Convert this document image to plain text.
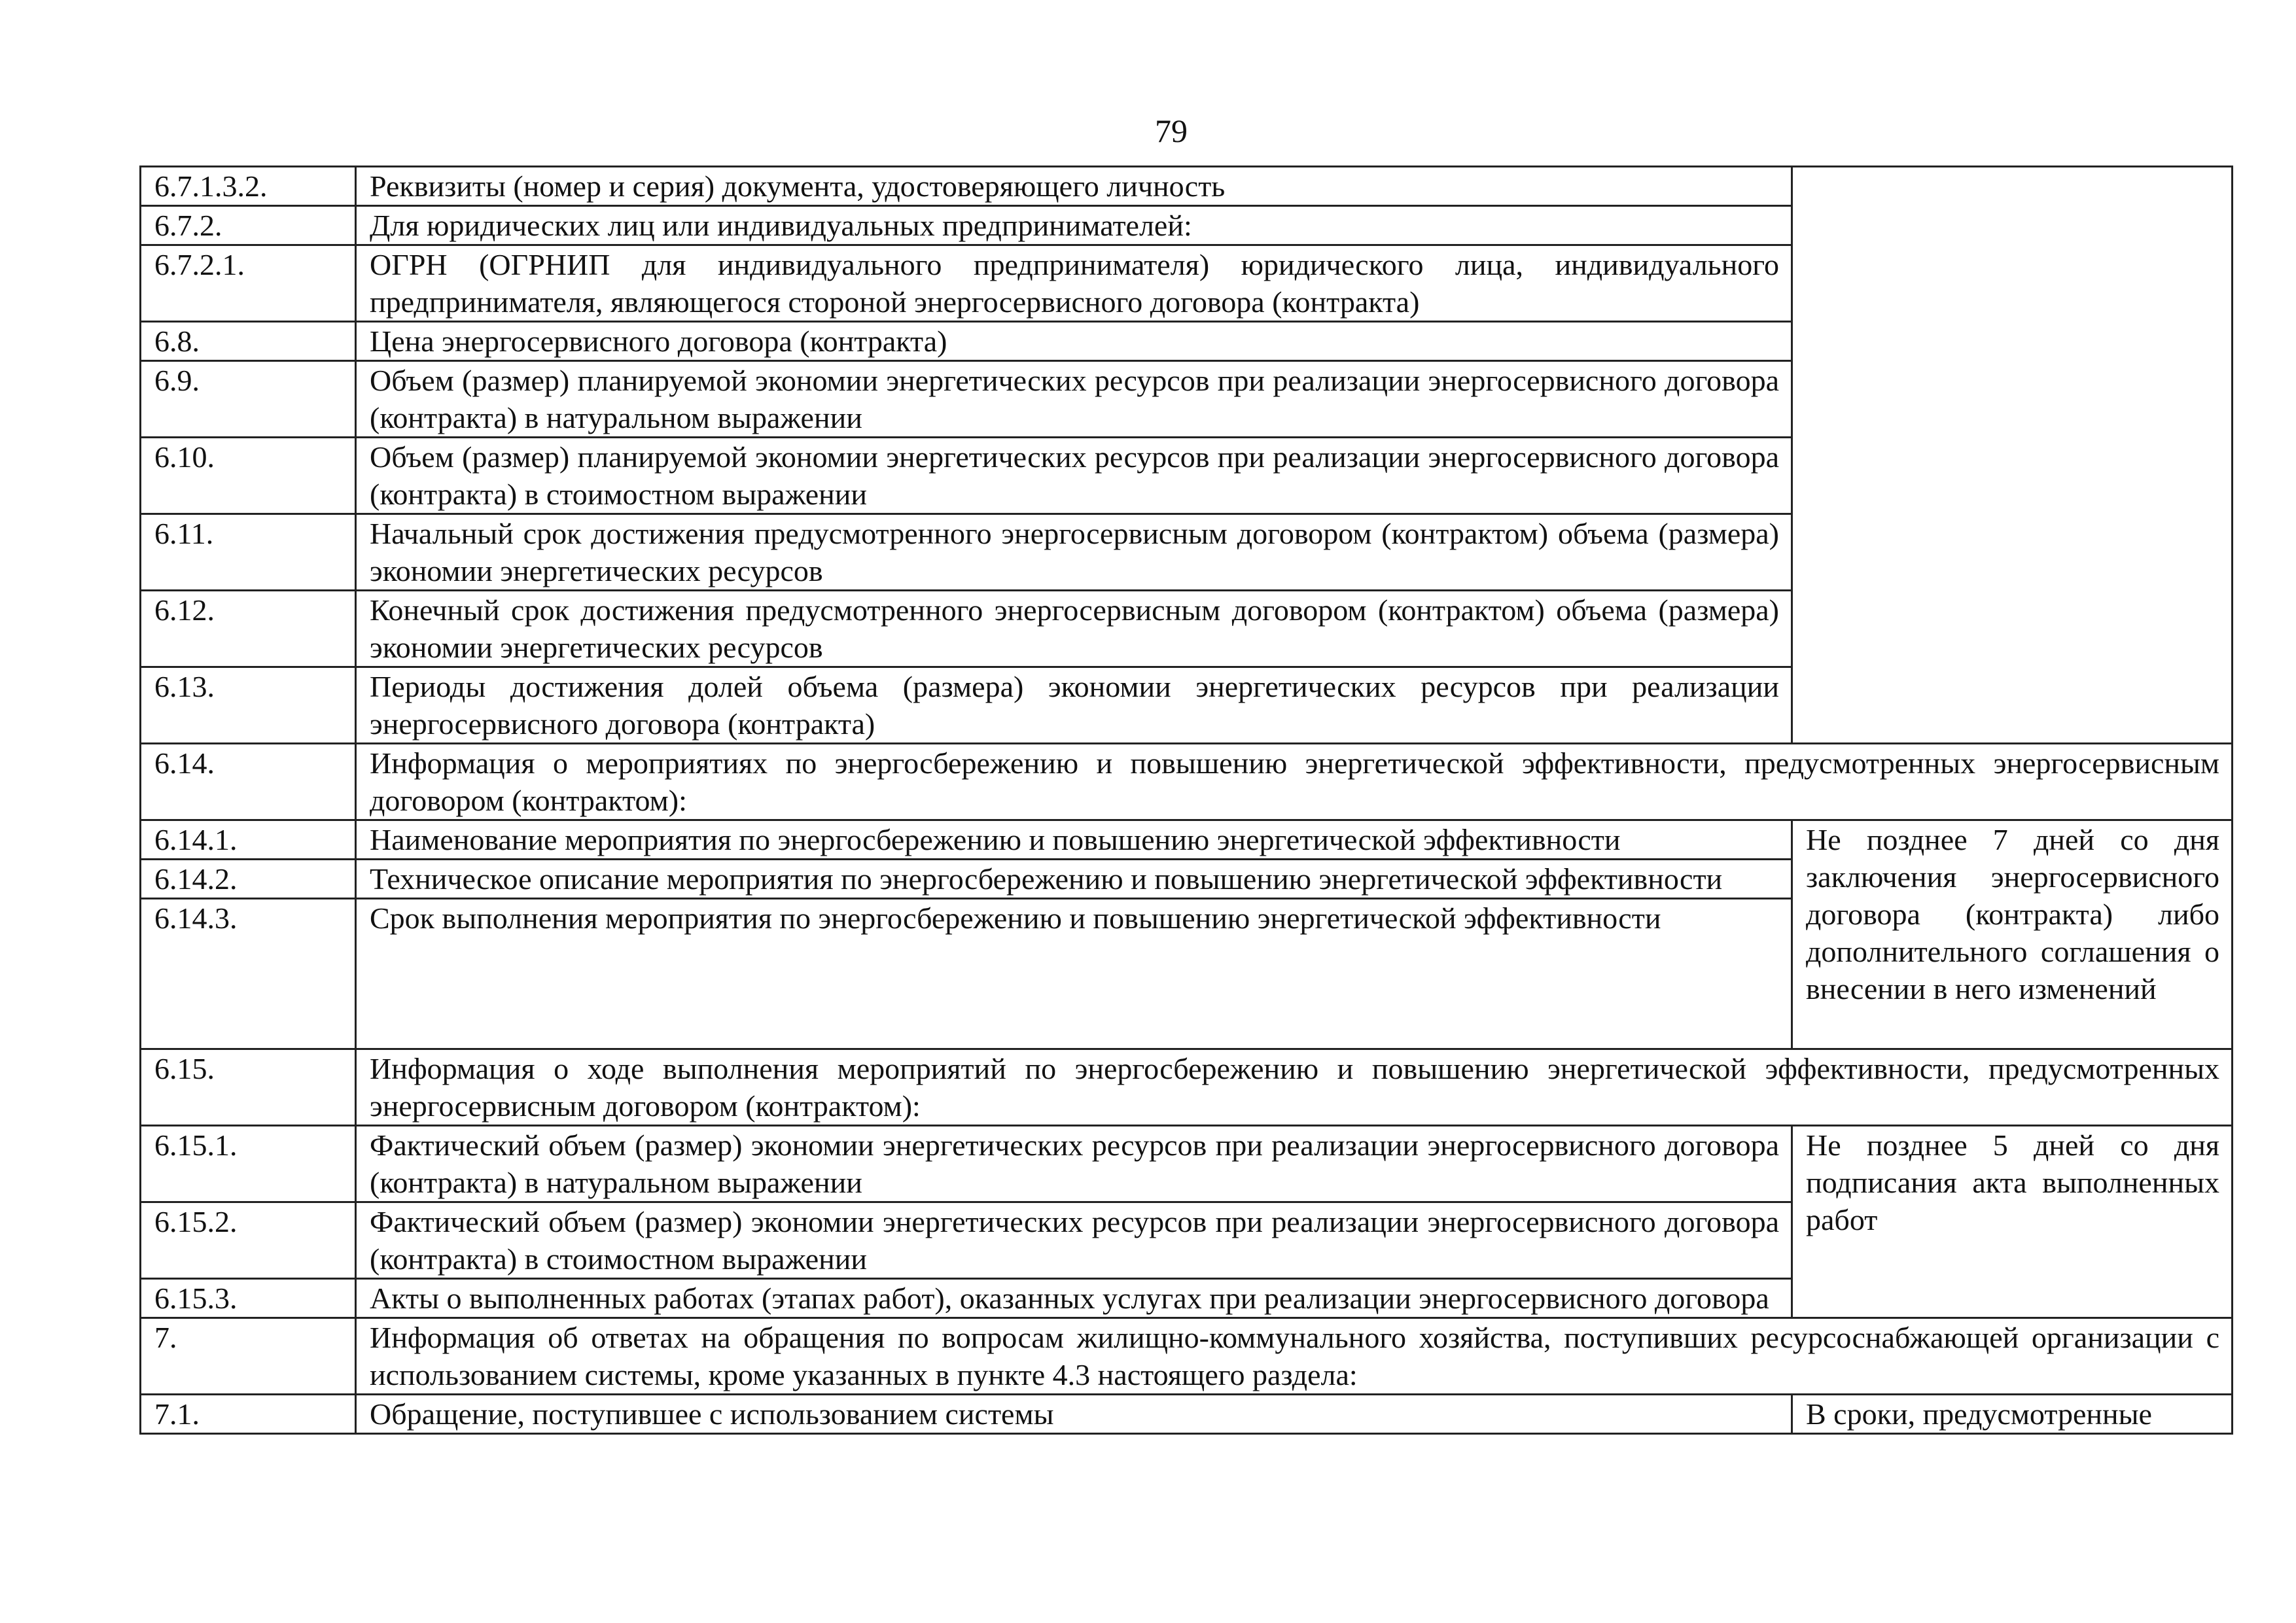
79
6.7.1.3.2.	Реквизиты (номер и серия) документа, удостоверяющего личность	
6.7.2.	Для юридических лиц или индивидуальных предпринимателей:	
6.7.2.1.	ОГРН (ОГРНИП для индивидуального предпринимателя) юридического лица, индивидуального предпринимателя, являющегося стороной энергосервисного договора (контракта)	
6.8.	Цена энергосервисного договора (контракта)	
6.9.	Объем (размер) планируемой экономии энергетических ресурсов при реализации энергосервисного договора (контракта) в натуральном выражении	
6.10.	Объем (размер) планируемой экономии энергетических ресурсов при реализации энергосервисного договора (контракта) в стоимостном выражении	
6.11.	Начальный срок достижения предусмотренного энергосервисным договором (контрактом) объема (размера) экономии энергетических ресурсов	
6.12.	Конечный срок достижения предусмотренного энергосервисным договором (контрактом) объема (размера) экономии энергетических ресурсов	
6.13.	Периоды достижения долей объема (размера) экономии энергетических ресурсов при реализации энергосервисного договора (контракта)	
6.14.	Информация о мероприятиях по энергосбережению и повышению энергетической эффективности, предусмотренных энергосервисным договором (контрактом):	
6.14.1.	Наименование мероприятия по энергосбережению и повышению энергетической эффективности	Не позднее 7 дней со дня заключения энергосервисного договора (контракта) либо дополнительного соглашения о внесении в него изменений
6.14.2.	Техническое описание мероприятия по энергосбережению и повышению энергетической эффективности	
6.14.3.	Срок выполнения мероприятия по энергосбережению и повышению энергетической эффективности	
6.15.	Информация о ходе выполнения мероприятий по энергосбережению и повышению энергетической эффективности, предусмотренных энергосервисным договором (контрактом):	
6.15.1.	Фактический объем (размер) экономии энергетических ресурсов при реализации энергосервисного договора (контракта) в натуральном выражении	Не позднее 5 дней со дня подписания акта выполненных работ
6.15.2.	Фактический объем (размер) экономии энергетических ресурсов при реализации энергосервисного договора (контракта) в стоимостном выражении	
6.15.3.	Акты о выполненных работах (этапах работ), оказанных услугах при реализации энергосервисного договора	
7.	Информация об ответах на обращения по вопросам жилищно-коммунального хозяйства, поступивших ресурсоснабжающей организации с использованием системы, кроме указанных в пункте 4.3 настоящего раздела:	
7.1.	Обращение, поступившее с использованием системы	В сроки, предусмотренные
